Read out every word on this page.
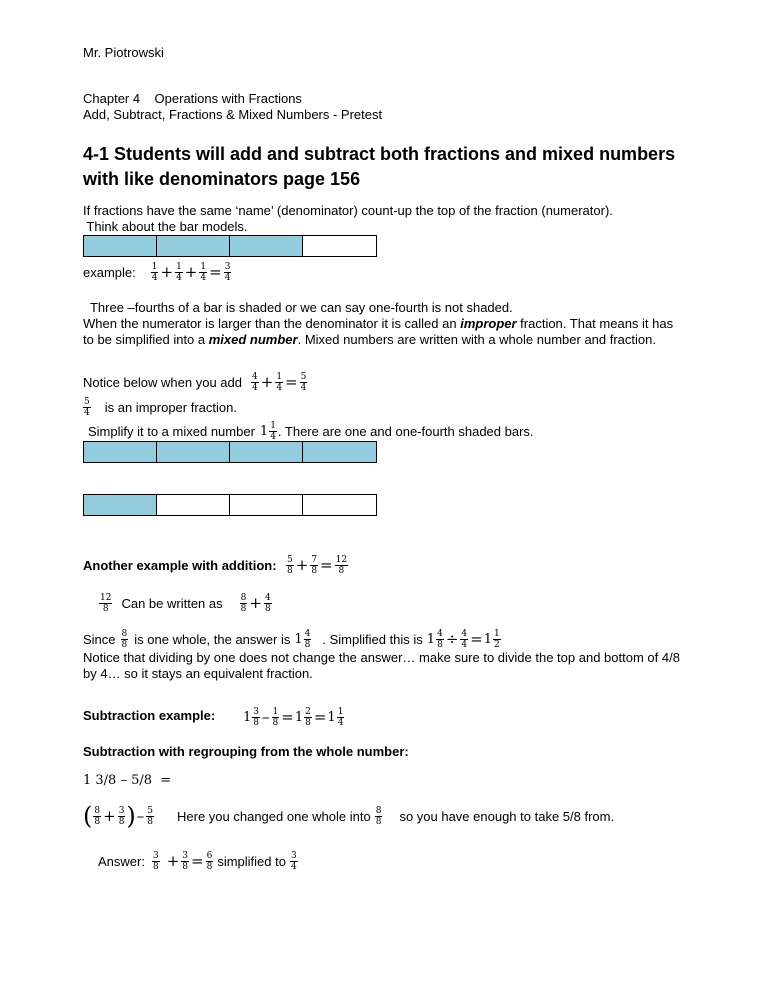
Mr. Piotrowski
Chapter 4    Operations with Fractions
Add, Subtract, Fractions & Mixed Numbers - Pretest
4-1 Students will add and subtract both fractions and mixed numbers with like denominators page 156
If fractions have the same ‘name’ (denominator) count-up the top of the fraction (numerator).
Think about the bar models.
example: $\frac{1}{4} + \frac{1}{4} + \frac{1}{4} = \frac{3}{4}$
Three –fourths of a bar is shaded or we can say one-fourth is not shaded.
When the numerator is larger than the denominator it is called an improper fraction. That means it has
to be simplified into a mixed number. Mixed numbers are written with a whole number and fraction.
Notice below when you add $\frac{4}{4} + \frac{1}{4} = \frac{5}{4}$
$\frac{5}{4}$ is an improper fraction.
Simplify it to a mixed number $1 \frac{1}{4}$ . There are one and one-fourth shaded bars.
Another example with addition: $\frac{5}{8} + \frac{7}{8} = \frac{12}{8}$
$\frac{12}{8}$ Can be written as $\frac{8}{8} + \frac{4}{8}$
Since $\frac{8}{8}$ is one whole, the answer is $1 \frac{4}{8}$ . Simplified this is $1 \frac{4}{8} \div \frac{4}{4} = 1 \frac{1}{2}$
Notice that dividing by one does not change the answer… make sure to divide the top and bottom of 4/8
by 4… so it stays an equivalent fraction.
Subtraction example: $1 \frac{3}{8} - \frac{1}{8} = 1 \frac{2}{8} = 1 \frac{1}{4}$
Subtraction with regrouping from the whole number:
1 3/8 – 5/8  =
( $\frac{8}{8} + \frac{3}{8}$ ) – $\frac{5}{8}$ Here you changed one whole into $\frac{8}{8}$ so you have enough to take 5/8 from.
Answer: $\frac{3}{8} + \frac{3}{8} = \frac{6}{8}$ simplified to $\frac{3}{4}$
